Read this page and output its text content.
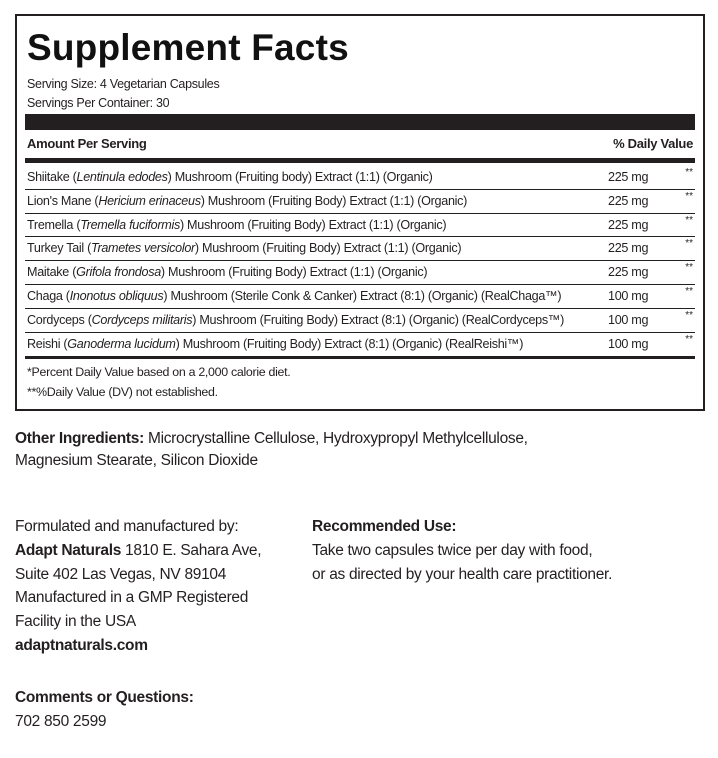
Supplement Facts
Serving Size: 4 Vegetarian Capsules
Servings Per Container: 30
Amount Per Serving	% Daily Value
Shiitake (Lentinula edodes) Mushroom (Fruiting body) Extract (1:1) (Organic)	225 mg	**
Lion's Mane (Hericium erinaceus) Mushroom (Fruiting Body) Extract (1:1) (Organic)	225 mg	**
Tremella (Tremella fuciformis) Mushroom (Fruiting Body) Extract (1:1) (Organic)	225 mg	**
Turkey Tail (Trametes versicolor) Mushroom (Fruiting Body) Extract (1:1) (Organic)	225 mg	**
Maitake (Grifola frondosa) Mushroom (Fruiting Body) Extract (1:1) (Organic)	225 mg	**
Chaga (Inonotus obliquus) Mushroom (Sterile Conk & Canker) Extract (8:1) (Organic) (RealChaga™)	100 mg	**
Cordyceps (Cordyceps militaris) Mushroom (Fruiting Body) Extract (8:1) (Organic) (RealCordyceps™)	100 mg	**
Reishi (Ganoderma lucidum) Mushroom (Fruiting Body) Extract (8:1) (Organic) (RealReishi™)	100 mg	**
*Percent Daily Value based on a 2,000 calorie diet.
**%Daily Value (DV) not established.
Other Ingredients: Microcrystalline Cellulose, Hydroxypropyl Methylcellulose,
Magnesium Stearate, Silicon Dioxide
Formulated and manufactured by:
Adapt Naturals 1810 E. Sahara Ave,
Suite 402 Las Vegas, NV 89104
Manufactured in a GMP Registered
Facility in the USA
adaptnaturals.com
Recommended Use:
Take two capsules twice per day with food,
or as directed by your health care practitioner.
Comments or Questions:
702 850 2599
